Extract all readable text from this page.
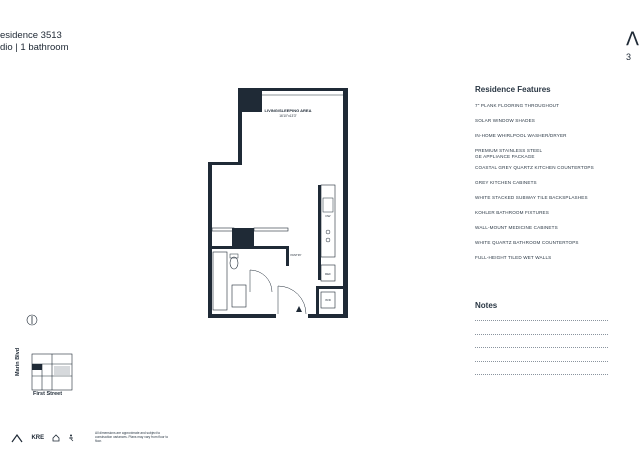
esidence 3513
dio | 1 bathroom	Λ
3
LIVING/SLEEPING AREA
16'10"x13'3"
DW
REF
W/D
PANTRY
Residence Features
7" PLANK FLOORING THROUGHOUT
SOLAR WINDOW SHADES
IN-HOME WHIRLPOOL WASHER/DRYER
PREMIUM STAINLESS STEEL GE APPLIANCE PACKAGE
COASTAL GREY QUARTZ KITCHEN COUNTERTOPS
GREY KITCHEN CABINETS
WHITE STACKED SUBWAY TILE BACKSPLASHES
KOHLER BATHROOM FIXTURES
WALL-MOUNT MEDICINE CABINETS
WHITE QUARTZ BATHROOM COUNTERTOPS
FULL-HEIGHT TILED WET WALLS
Notes
First Street
Marin Blvd
KRE
All dimensions are approximate and subject to construction variances. Plans may vary from floor to floor.
